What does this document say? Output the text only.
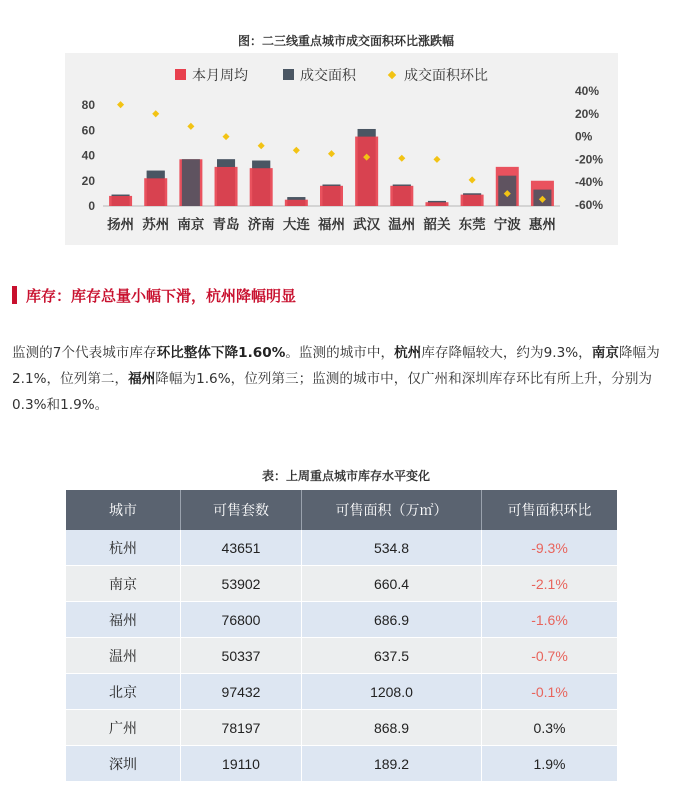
图：二三线重点城市成交面积环比涨跌幅
本月周均	成交面积	成交面积环比
0
20
40
60
80
-60%
-40%
-20%
0%
20%
40%
扬州 苏州 南京 青岛 济南 大连 福州 武汉 温州 韶关 东莞 宁波 惠州
库存：库存总量小幅下滑，杭州降幅明显
监测的7个代表城市库存环比整体下降1.60%。监测的城市中，杭州库存降幅较大，约为9.3%，南京降幅为2.1%，位列第二，福州降幅为1.6%，位列第三；监测的城市中，仅广州和深圳库存环比有所上升，分别为0.3%和1.9%。
表：上周重点城市库存水平变化
城市	可售套数	可售面积（万㎡）	可售面积环比
杭州	43651	534.8	-9.3%
南京	53902	660.4	-2.1%
福州	76800	686.9	-1.6%
温州	50337	637.5	-0.7%
北京	97432	1208.0	-0.1%
广州	78197	868.9	0.3%
深圳	19110	189.2	1.9%
